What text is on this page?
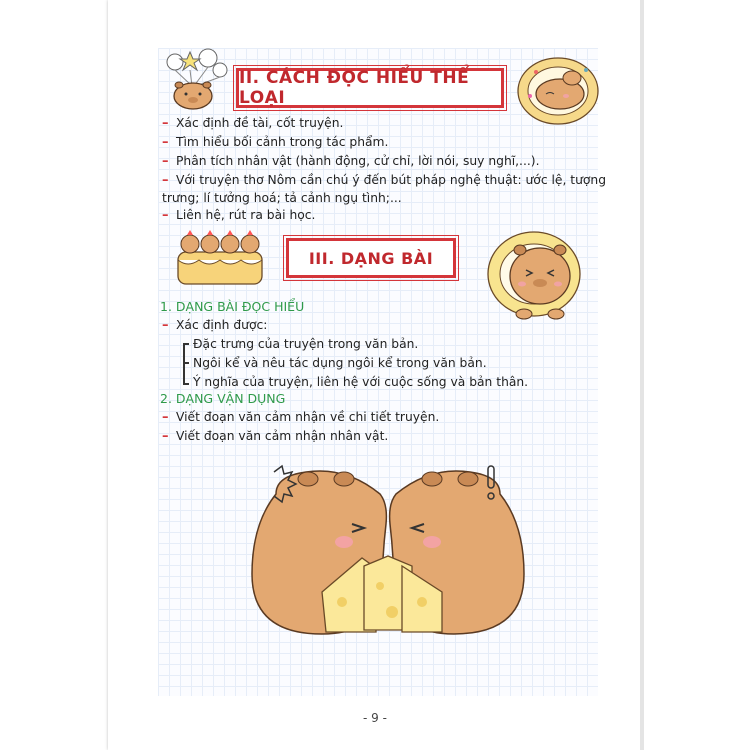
II. CÁCH ĐỌC HIỂU THỂ LOẠI
– Xác định đề tài, cốt truyện.
– Tìm hiểu bối cảnh trong tác phẩm.
– Phân tích nhân vật (hành động, cử chỉ, lời nói, suy nghĩ,...).
– Với truyện thơ Nôm cần chú ý đến bút pháp nghệ thuật: ước lệ, tượng
trưng; lí tưởng hoá; tả cảnh ngụ tình;...
– Liên hệ, rút ra bài học.
III. DẠNG BÀI
1. DẠNG BÀI ĐỌC HIỂU
– Xác định được:
Đặc trưng của truyện trong văn bản.
Ngôi kể và nêu tác dụng ngôi kể trong văn bản.
Ý nghĩa của truyện, liên hệ với cuộc sống và bản thân.
2. DẠNG VẬN DỤNG
– Viết đoạn văn cảm nhận về chi tiết truyện.
– Viết đoạn văn cảm nhận nhân vật.
- 9 -
